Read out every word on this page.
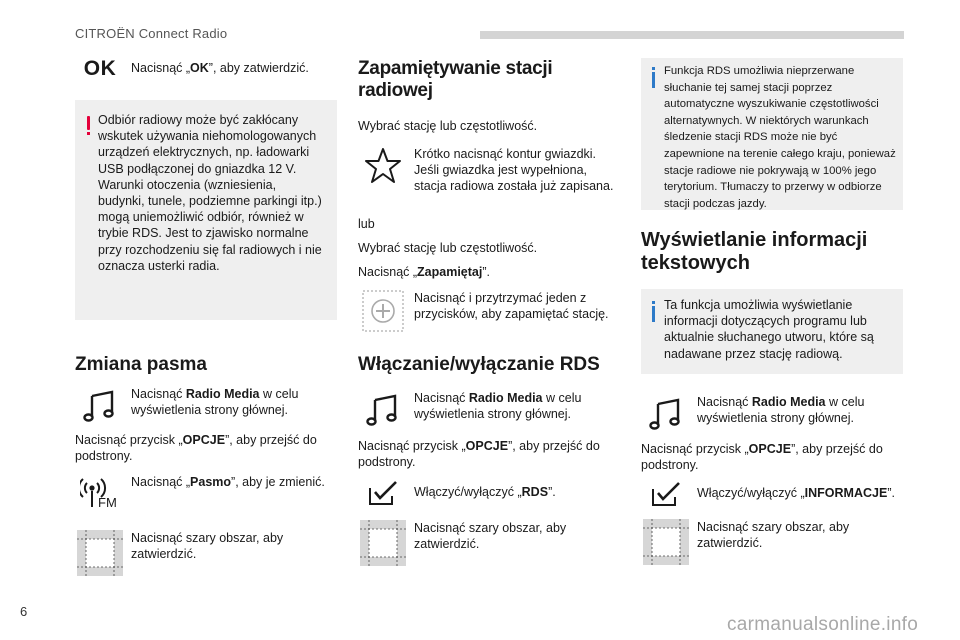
CITROËN Connect Radio
OK	Nacisnąć „OK”, aby zatwierdzić.

Odbiór radiowy może być zakłócany wskutek używania niehomologowanych urządzeń elektrycznych, np. ładowarki USB podłączonej do gniazdka 12 V. Warunki otoczenia (wzniesienia, budynki, tunele, podziemne parkingi itp.) mogą uniemożliwić odbiór, również w trybie RDS. Jest to zjawisko normalne przy rozchodzeniu się fal radiowych i nie oznacza usterki radia.

Zmiana pasma

Nacisnąć Radio Media w celu wyświetlenia strony głównej.

Nacisnąć przycisk „OPCJE”, aby przejść do podstrony.

FM

Nacisnąć „Pasmo”, aby je zmienić.

Nacisnąć szary obszar, aby zatwierdzić.

Zapamiętywanie stacji radiowej

Wybrać stację lub częstotliwość.

Krótko nacisnąć kontur gwiazdki. Jeśli gwiazdka jest wypełniona, stacja radiowa została już zapisana.

lub

Wybrać stację lub częstotliwość.

Nacisnąć „Zapamiętaj”.

Nacisnąć i przytrzymać jeden z przycisków, aby zapamiętać stację.

Włączanie/wyłączanie RDS

Nacisnąć Radio Media w celu wyświetlenia strony głównej.

Nacisnąć przycisk „OPCJE”, aby przejść do podstrony.

Włączyć/wyłączyć „RDS”.

Nacisnąć szary obszar, aby zatwierdzić.

Funkcja RDS umożliwia nieprzerwane słuchanie tej samej stacji poprzez automatyczne wyszukiwanie częstotliwości alternatywnych. W niektórych warunkach śledzenie stacji RDS może nie być zapewnione na terenie całego kraju, ponieważ stacje radiowe nie pokrywają w 100% jego terytorium. Tłumaczy to przerwy w odbiorze stacji podczas jazdy.

Wyświetlanie informacji tekstowych

Ta funkcja umożliwia wyświetlanie informacji dotyczących programu lub aktualnie słuchanego utworu, które są nadawane przez stację radiową.

Nacisnąć Radio Media w celu wyświetlenia strony głównej.

Nacisnąć przycisk „OPCJE”, aby przejść do podstrony.

Włączyć/wyłączyć „INFORMACJE”.

Nacisnąć szary obszar, aby zatwierdzić.

6
carmanualsonline.info
